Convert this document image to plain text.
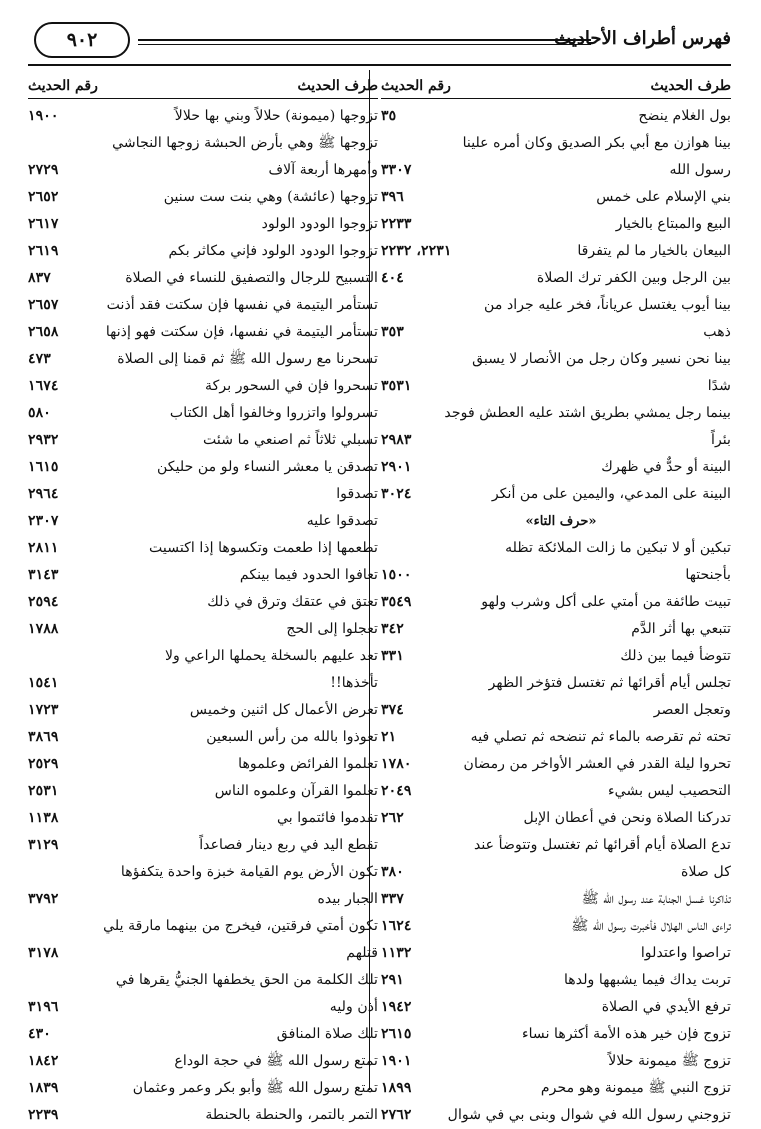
فهرس أطراف الأحاديث
٩٠٢
طرف الحديث
رقم الحديث
بول الغلام ينضح
٣٥
بينا هوازن مع أبي بكر الصديق وكان أمره علينا
رسول الله
٣٣٠٧
بني الإسلام على خمس
٣٩٦
البيع والمبتاع بالخيار
٢٢٣٣
البيعان بالخيار ما لم يتفرقا
٢٢٣١، ٢٢٣٢
بين الرجل وبين الكفر ترك الصلاة
٤٠٤
بينا أيوب يغتسل عرياناً، فخر عليه جراد من
ذهب
٣٥٣
بينا نحن نسير وكان رجل من الأنصار لا يسبق
شدًا
٣٥٣١
بينما رجل يمشي بطريق اشتد عليه العطش فوجد
بئراً
٢٩٨٣
البينة أو حدٌّ في ظهرك
٢٩٠١
البينة على المدعي، واليمين على من أنكر
٣٠٢٤
«حرف التاء»
تبكين أو لا تبكين ما زالت الملائكة تظله
بأجنحتها
١٥٠٠
تبيت طائفة من أمتي على أكل وشرب ولهو
٣٥٤٩
تتبعي بها أثر الدَّم
٣٤٢
تتوضأ فيما بين ذلك
٣٣١
تجلس أيام أقرائها ثم تغتسل فتؤخر الظهر
وتعجل العصر
٣٧٤
تحته ثم تقرصه بالماء ثم تنضحه ثم تصلي فيه
٢١
تحروا ليلة القدر في العشر الأواخر من رمضان
١٧٨٠
التحصيب ليس بشيء
٢٠٤٩
تدركنا الصلاة ونحن في أعطان الإبل
٢٦٢
تدع الصلاة أيام أقرائها ثم تغتسل وتتوضأ عند
كل صلاة
٣٨٠
تذاكرنا غسل الجنابة عند رسول الله ﷺ
٣٣٧
تراءى الناس الهلال فأخبرت رسول الله ﷺ
١٦٢٤
تراصوا واعتدلوا
١١٣٢
تربت يداك فيما يشبهها ولدها
٢٩١
ترفع الأيدي في الصلاة
١٩٤٢
تزوج فإن خير هذه الأمة أكثرها نساء
٢٦١٥
تزوج ﷺ ميمونة حلالاً
١٩٠١
تزوج النبي ﷺ ميمونة وهو محرم
١٨٩٩
تزوجني رسول الله في شوال وبنى بي في شوال
٢٧٦٢
طرف الحديث
رقم الحديث
تزوجها (ميمونة) حلالاً وبني بها حلالاً
١٩٠٠
تزوجها ﷺ وهي بأرض الحبشة زوجها النجاشي
وأمهرها أربعة آلاف
٢٧٢٩
تزوجها (عائشة) وهي بنت ست سنين
٢٦٥٢
تزوجوا الودود الولود
٢٦١٧
تزوجوا الودود الولود فإني مكاثر بكم
٢٦١٩
التسبيح للرجال والتصفيق للنساء في الصلاة
٨٣٧
تستأمر اليتيمة في نفسها فإن سكتت فقد أذنت
٢٦٥٧
تستأمر اليتيمة في نفسها، فإن سكتت فهو إذنها
٢٦٥٨
تسحرنا مع رسول الله ﷺ ثم قمنا إلى الصلاة
٤٧٣
تسحروا فإن في السحور بركة
١٦٧٤
تسرولوا واتزروا وخالفوا أهل الكتاب
٥٨٠
تسبلي ثلاثاً ثم اصنعي ما شئت
٢٩٣٢
تصدقن يا معشر النساء ولو من حليكن
١٦١٥
تصدقوا
٢٩٦٤
تصدقوا عليه
٢٣٠٧
تطعمها إذا طعمت وتكسوها إذا اكتسيت
٢٨١١
تعافوا الحدود فيما بينكم
٣١٤٣
تعتق في عتقك وترق في ذلك
٢٥٩٤
تعجلوا إلى الحج
١٧٨٨
تعد عليهم بالسخلة يحملها الراعي ولا
تأخذها!!
١٥٤١
تعرض الأعمال كل اثنين وخميس
١٧٢٣
تعوذوا بالله من رأس السبعين
٣٨٦٩
تعلموا الفرائض وعلموها
٢٥٢٩
تعلموا القرآن وعلموه الناس
٢٥٣١
تقدموا فائتموا بي
١١٣٨
تقطع اليد في ربع دينار فصاعداً
٣١٢٩
تكون الأرض يوم القيامة خبزة واحدة يتكفؤها
الجبار بيده
٣٧٩٢
تكون أمتي فرقتين، فيخرج من بينهما مارقة يلي
قتلهم
٣١٧٨
تلك الكلمة من الحق يخطفها الجنيُّ يقرها في
أذن وليه
٣١٩٦
تلك صلاة المنافق
٤٣٠
تمتع رسول الله ﷺ في حجة الوداع
١٨٤٢
تمتع رسول الله ﷺ وأبو بكر وعمر وعثمان
١٨٣٩
التمر بالتمر، والحنطة بالحنطة
٢٢٣٩
